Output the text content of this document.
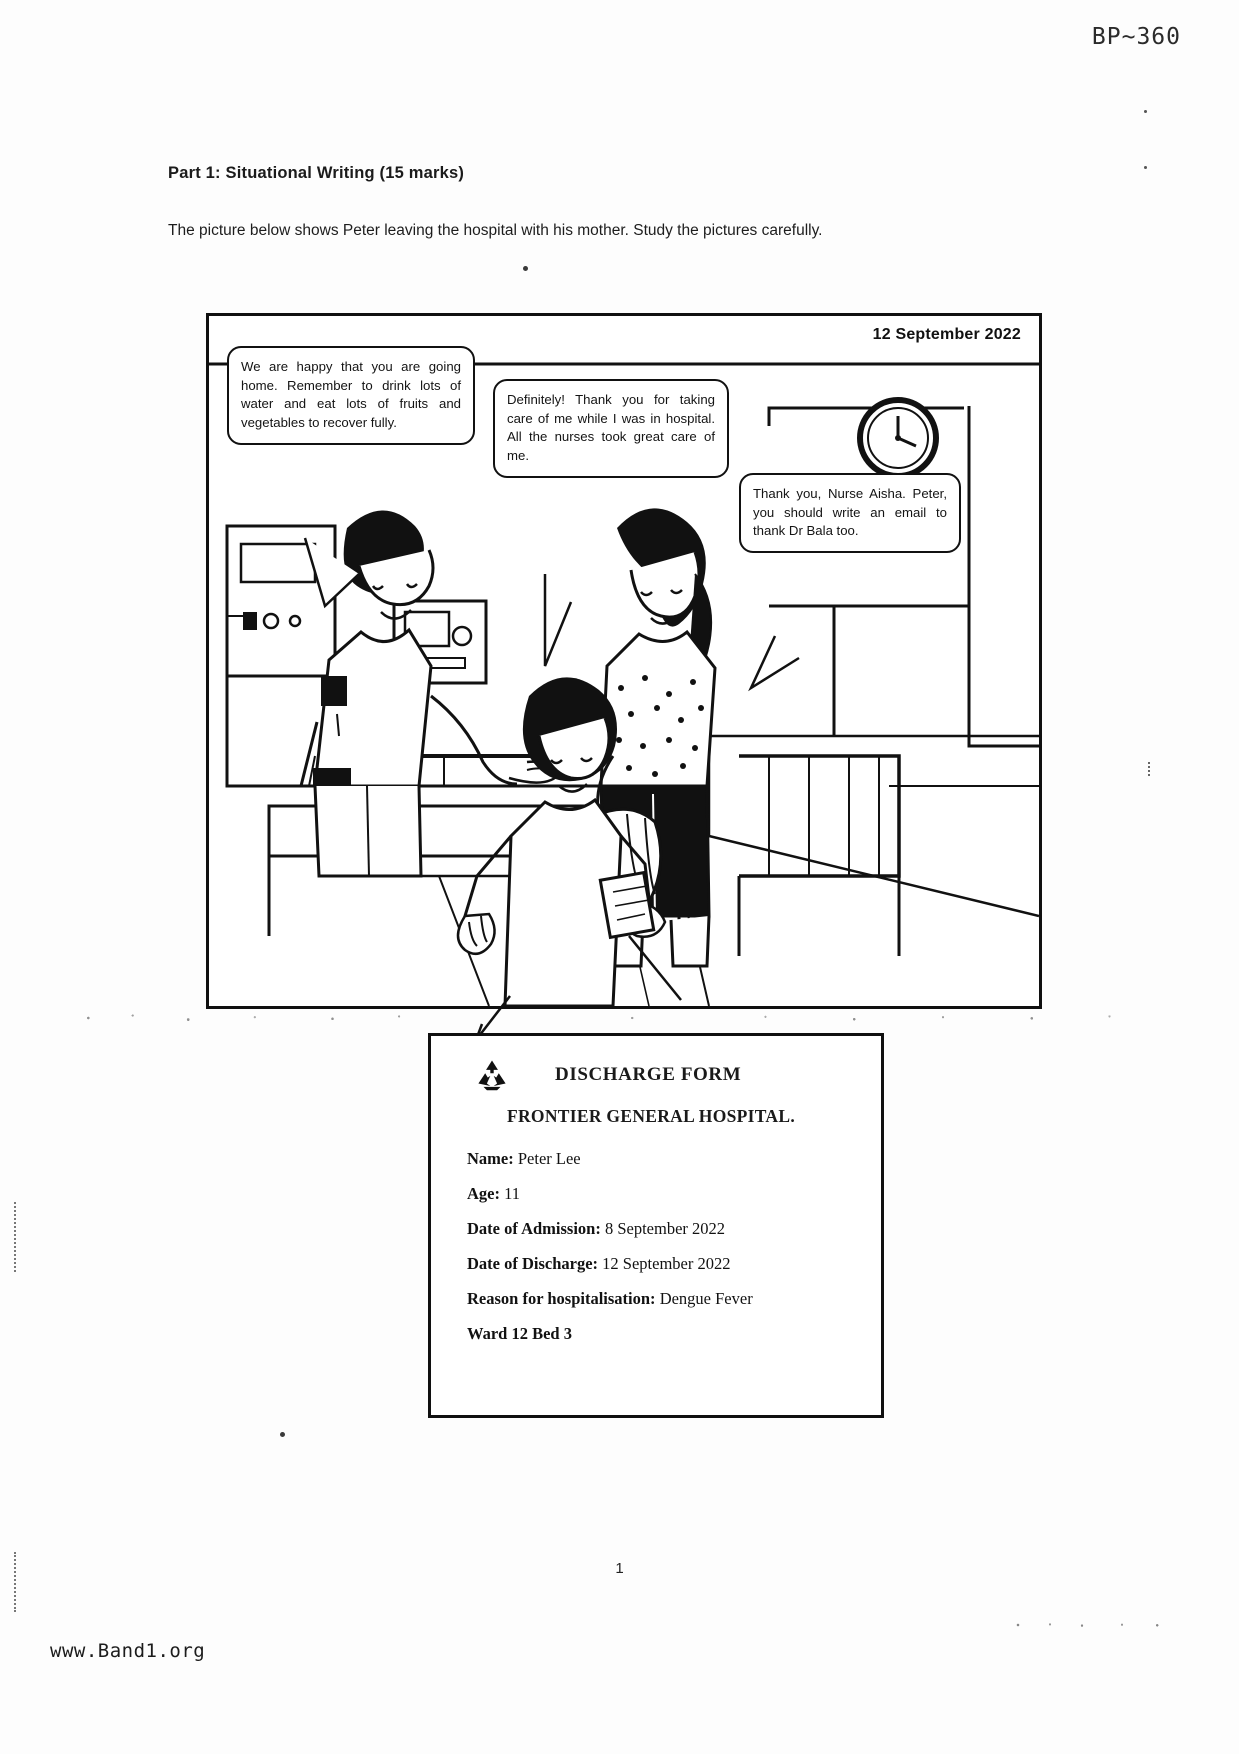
BP~360
Part 1: Situational Writing (15 marks)
The picture below shows Peter leaving the hospital with his mother. Study the pictures carefully.
12 September 2022
We are happy that you are going home. Remember to drink lots of water and eat lots of fruits and vegetables to recover fully.
Definitely! Thank you for taking care of me while I was in hospital. All the nurses took great care of me.
Thank you, Nurse Aisha. Peter, you should write an email to thank Dr Bala too.
DISCHARGE FORM
FRONTIER GENERAL HOSPITAL.
Name: Peter Lee
Age: 11
Date of Admission: 8 September 2022
Date of Discharge: 12 September 2022
Reason for hospitalisation: Dengue Fever
Ward 12 Bed 3
1
www.Band1.org
